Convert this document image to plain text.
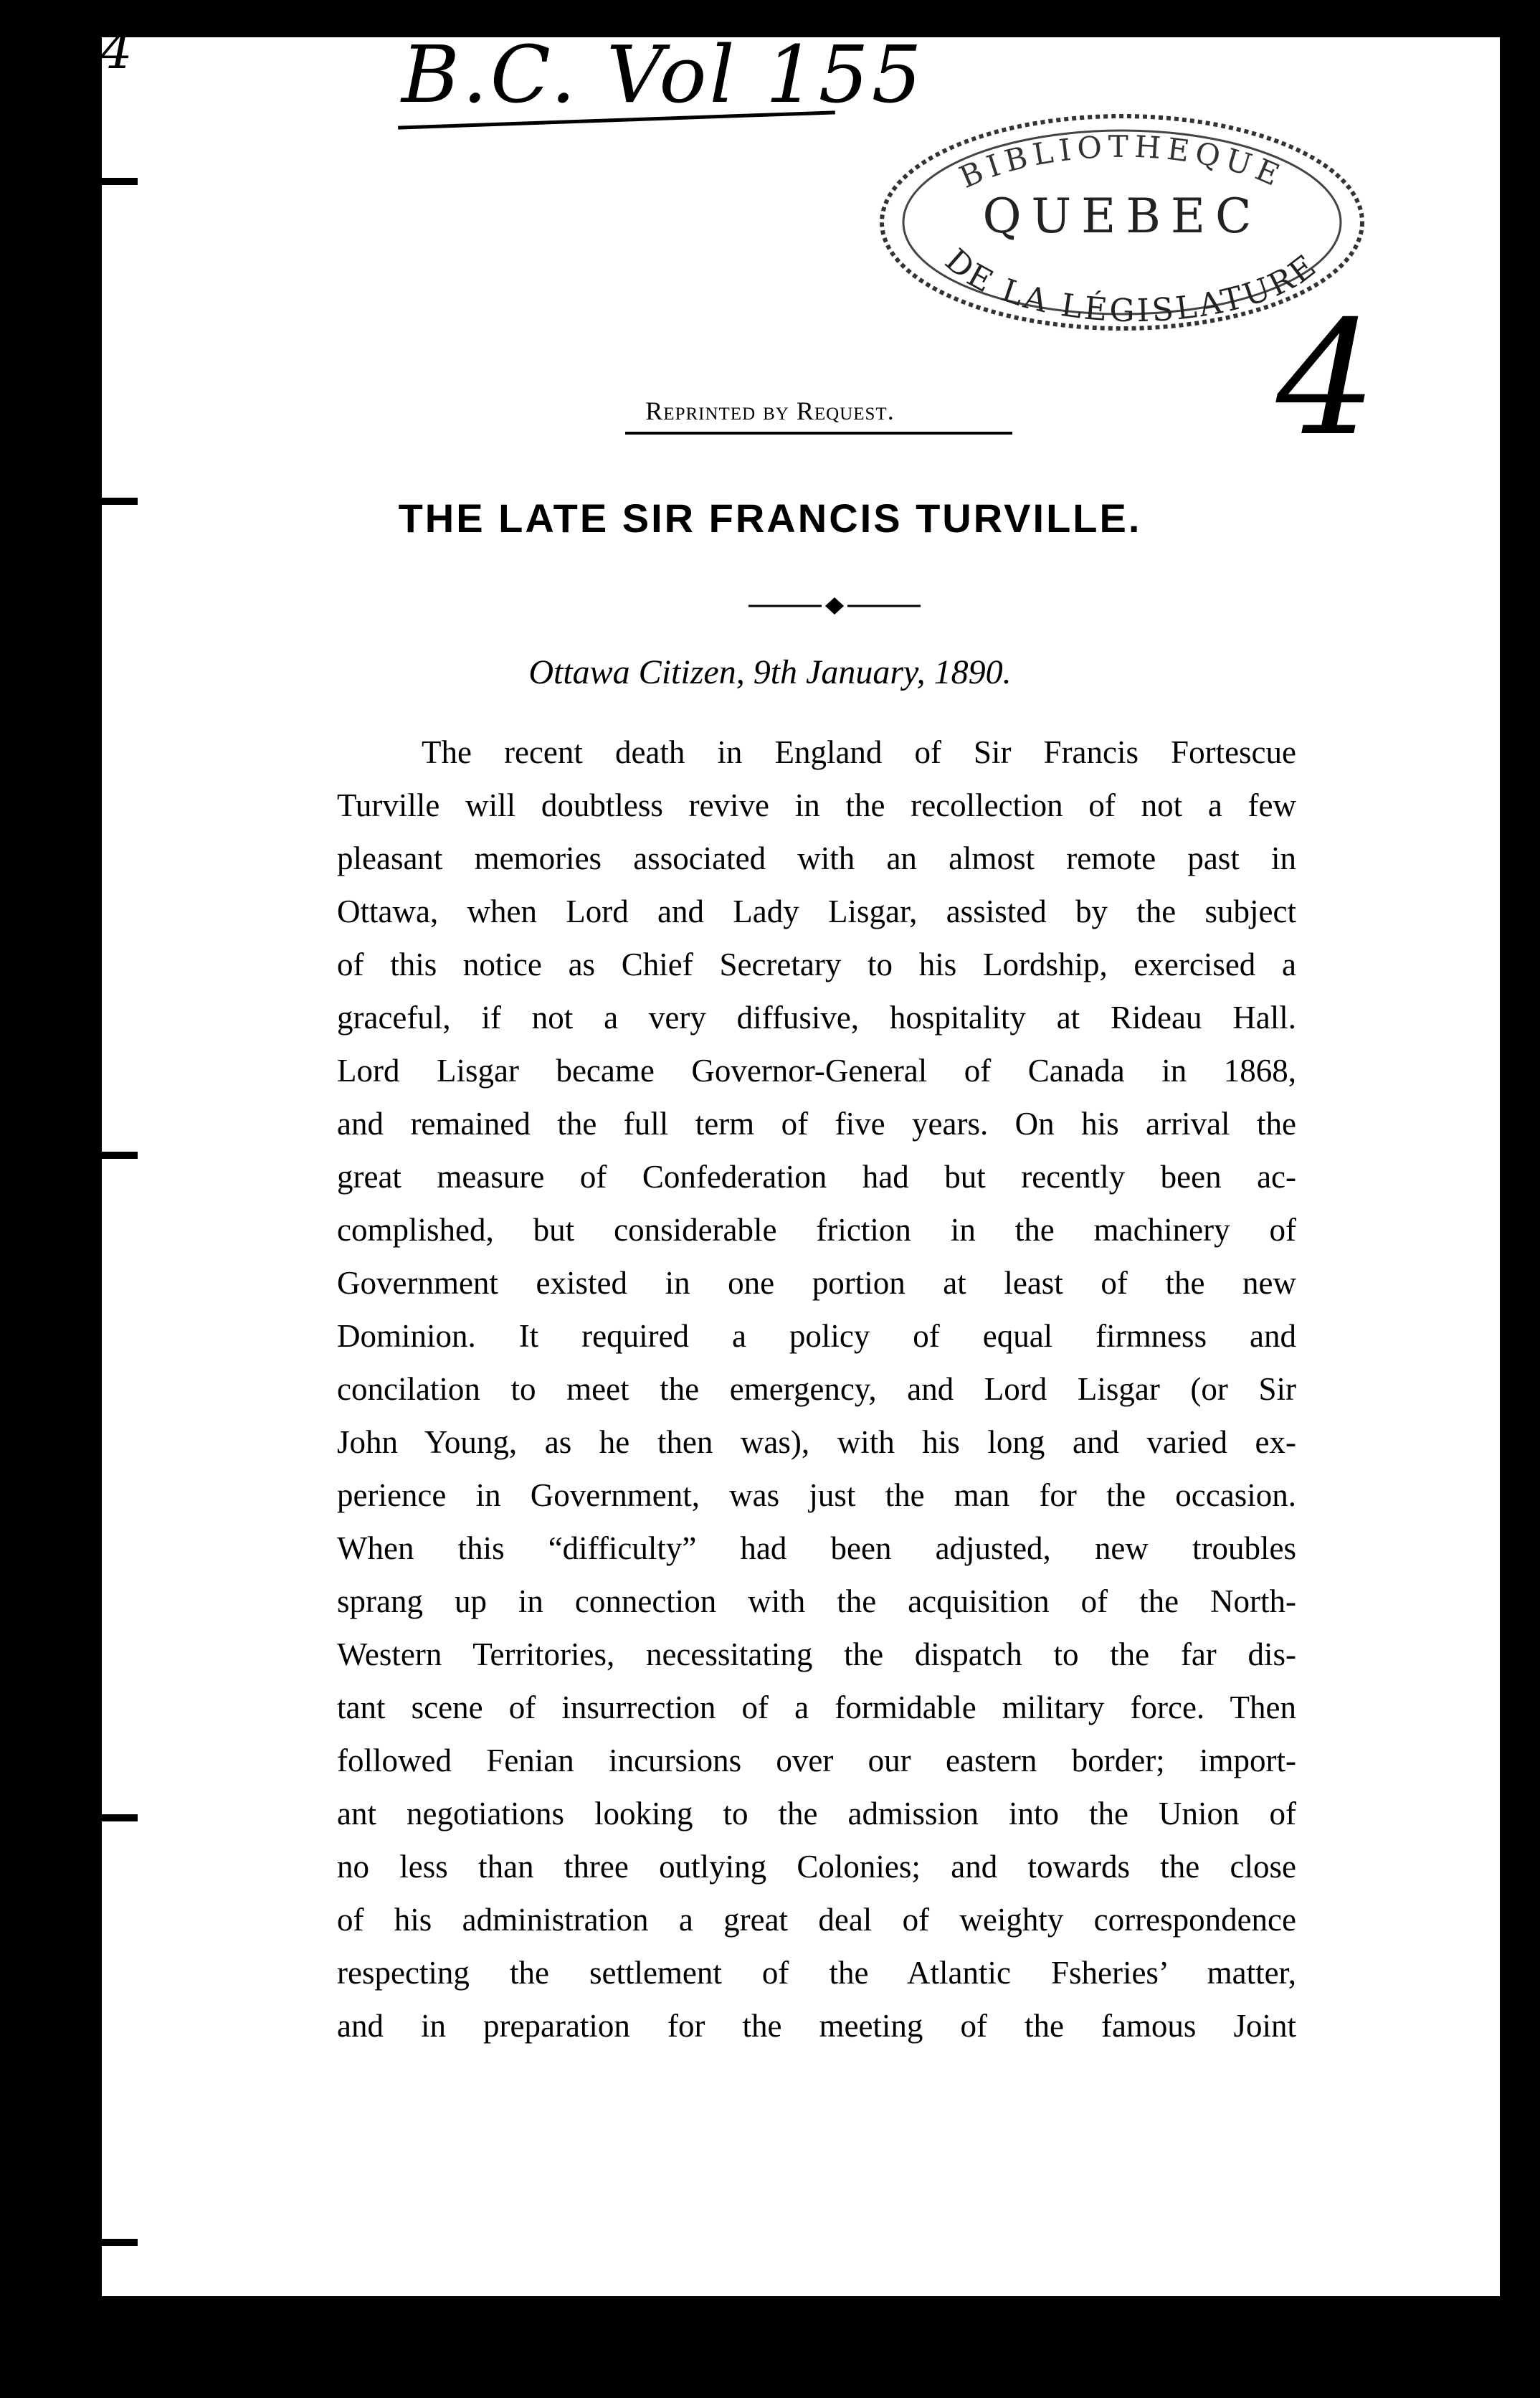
4	B.C. Vol 155
4
BIBLIOTHEQUE
DE LA LÉGISLATURE
QUEBEC
Reprinted by Request.
THE LATE SIR FRANCIS TURVILLE.
Ottawa Citizen, 9th January, 1890.
The recent death in England of Sir Francis Fortescue
Turville will doubtless revive in the recollection of not a few
pleasant memories associated with an almost remote past in
Ottawa, when Lord and Lady Lisgar, assisted by the subject
of this notice as Chief Secretary to his Lordship, exercised a
graceful, if not a very diffusive, hospitality at Rideau Hall.
Lord Lisgar became Governor-General of Canada in 1868,
and remained the full term of five years. On his arrival the
great measure of Confederation had but recently been ac-
complished, but considerable friction in the machinery of
Government existed in one portion at least of the new
Dominion. It required a policy of equal firmness and
concilation to meet the emergency, and Lord Lisgar (or Sir
John Young, as he then was), with his long and varied ex-
perience in Government, was just the man for the occasion.
When this “difficulty” had been adjusted, new troubles
sprang up in connection with the acquisition of the North-
Western Territories, necessitating the dispatch to the far dis-
tant scene of insurrection of a formidable military force. Then
followed Fenian incursions over our eastern border; import-
ant negotiations looking to the admission into the Union of
no less than three outlying Colonies; and towards the close
of his administration a great deal of weighty correspondence
respecting the settlement of the Atlantic Fsheries’ matter,
and in preparation for the meeting of the famous Joint
